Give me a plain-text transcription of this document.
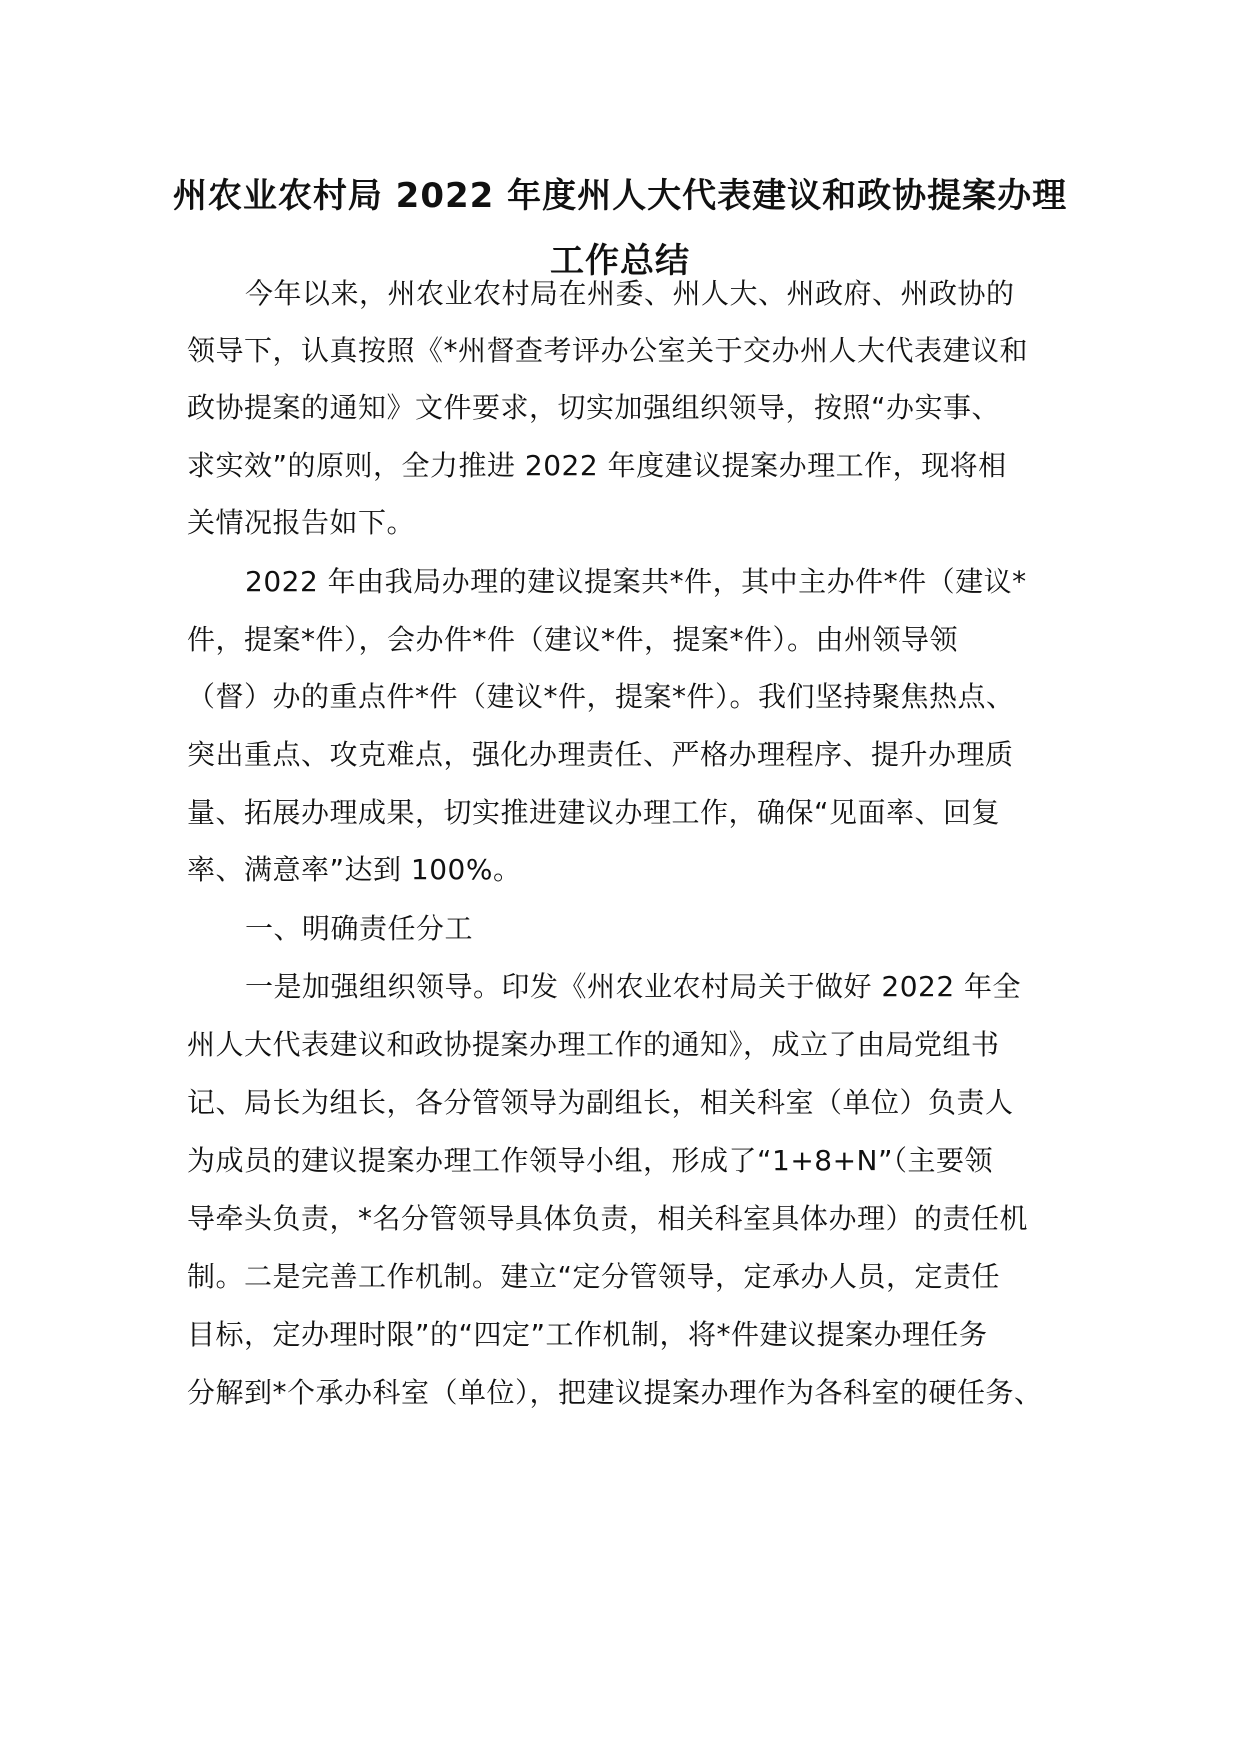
州农业农村局 2022 年度州人大代表建议和政协提案办理
工作总结
今年以来，州农业农村局在州委、州人大、州政府、州政协的
领导下，认真按照《*州督查考评办公室关于交办州人大代表建议和
政协提案的通知》文件要求，切实加强组织领导，按照“办实事、
求实效”的原则，全力推进 2022 年度建议提案办理工作，现将相
关情况报告如下。
2022 年由我局办理的建议提案共*件，其中主办件*件（建议*
件，提案*件），会办件*件（建议*件，提案*件）。由州领导领
（督）办的重点件*件（建议*件，提案*件）。我们坚持聚焦热点、
突出重点、攻克难点，强化办理责任、严格办理程序、提升办理质
量、拓展办理成果，切实推进建议办理工作，确保“见面率、回复
率、满意率”达到 100%。
一、明确责任分工
一是加强组织领导。印发《州农业农村局关于做好 2022 年全
州人大代表建议和政协提案办理工作的通知》，成立了由局党组书
记、局长为组长，各分管领导为副组长，相关科室（单位）负责人
为成员的建议提案办理工作领导小组，形成了“1+8+N”（主要领
导牵头负责，*名分管领导具体负责，相关科室具体办理）的责任机
制。二是完善工作机制。建立“定分管领导，定承办人员，定责任
目标，定办理时限”的“四定”工作机制，将*件建议提案办理任务
分解到*个承办科室（单位），把建议提案办理作为各科室的硬任务、
